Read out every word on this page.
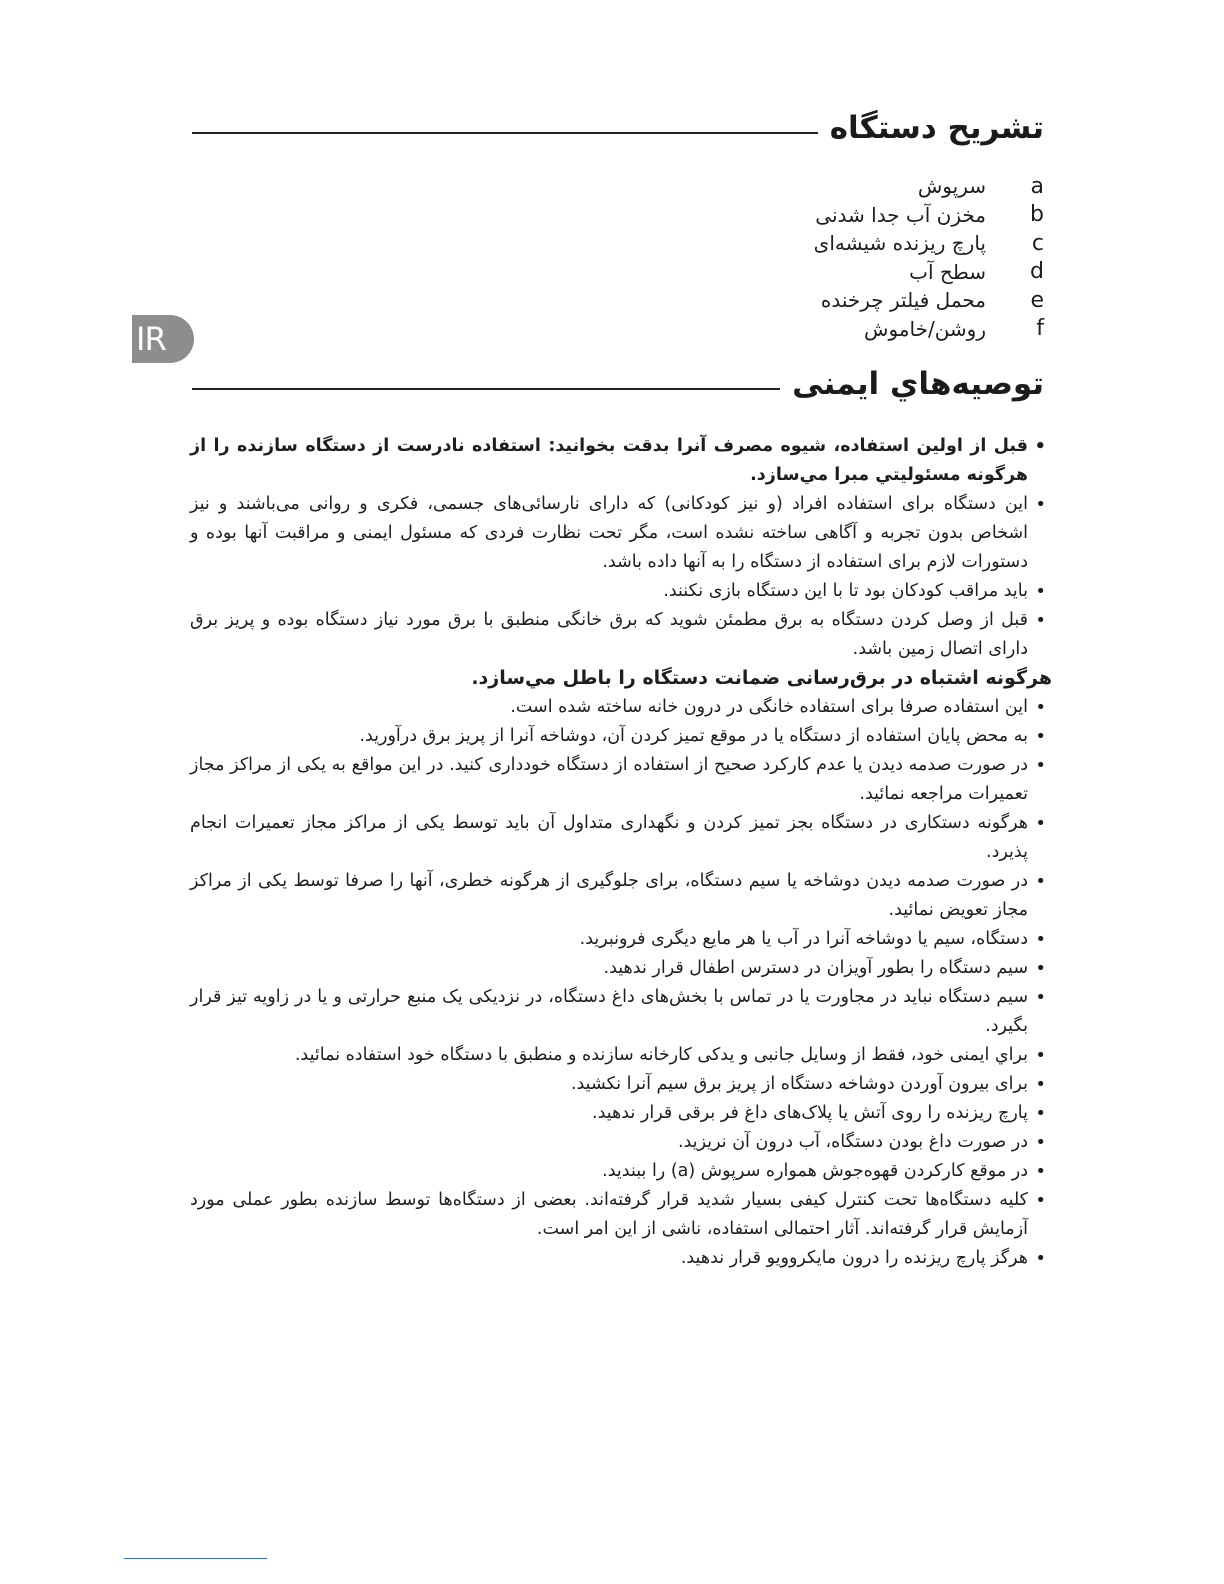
تشریح دستگاه
a
سرپوش
b
مخزن آب جدا شدنی
c
پارچ ریزنده شیشه‌ای
d
سطح آب
e
محمل فیلتر چرخنده
f
روشن/خاموش
IR
توصیه‌هاي ایمنی
• قبل از اولین استفاده، شیوه مصرف آنرا بدقت بخوانید: استفاده نادرست از دستگاه سازنده را از هرگونه مسئولیتي مبرا مي‌سازد.
• این دستگاه برای استفاده افراد (و نیز کودکانی) که دارای نارسائی‌های جسمی، فکری و روانی می‌باشند و نیز اشخاص بدون تجربه و آگاهی ساخته نشده است، مگر تحت نظارت فردی که مسئول ایمنی و مراقبت آنها بوده و دستورات لازم برای استفاده از دستگاه را به آنها داده باشد.
• باید مراقب کودکان بود تا با این دستگاه بازی نکنند.
• قبل از وصل کردن دستگاه به برق مطمئن شوید که برق خانگی منطبق با برق مورد نیاز دستگاه بوده و پریز برق دارای اتصال زمین باشد.
هرگونه اشتباه در برق‌رسانی ضمانت دستگاه را باطل مي‌سازد.
• این استفاده صرفا برای استفاده خانگی در درون خانه ساخته شده است.
• به محض پایان استفاده از دستگاه یا در موقع تمیز کردن آن، دوشاخه آنرا از پریز برق درآورید.
• در صورت صدمه دیدن یا عدم کارکرد صحیح از استفاده از دستگاه خودداری کنید. در این مواقع به یکی از مراکز مجاز تعمیرات مراجعه نمائید.
• هرگونه دستکاری در دستگاه بجز تمیز کردن و نگهداری متداول آن باید توسط یکی از مراکز مجاز تعمیرات انجام پذیرد.
• در صورت صدمه دیدن دوشاخه یا سیم دستگاه، برای جلوگیری از هرگونه خطری، آنها را صرفا توسط یکی از مراکز مجاز تعویض نمائید.
• دستگاه، سیم یا دوشاخه آنرا در آب یا هر مایع دیگری فرونبرید.
• سیم دستگاه را بطور آویزان در دسترس اطفال قرار ندهید.
• سیم دستگاه نباید در مجاورت یا در تماس با بخش‌های داغ دستگاه، در نزدیکی یک منبع حرارتی و یا در زاویه تیز قرار بگیرد.
• براي ایمنی خود، فقط از وسایل جانبی و یدکی کارخانه سازنده و منطبق با دستگاه خود استفاده نمائید.
• برای بیرون آوردن دوشاخه دستگاه از پریز برق سیم آنرا نکشید.
• پارچ ریزنده را روی آتش یا پلاک‌های داغ فر برقی قرار ندهید.
• در صورت داغ بودن دستگاه، آب درون آن نریزید.
• در موقع کارکردن قهوه‌جوش همواره سرپوش (a) را ببندید.
• کلیه دستگاه‌ها تحت کنترل کیفی بسیار شدید قرار گرفته‌اند. بعضی از دستگاه‌ها توسط سازنده بطور عملی مورد آزمایش قرار گرفته‌اند. آثار احتمالی استفاده، ناشی از این امر است.
• هرگز پارچ ریزنده را درون مایکروویو قرار ندهید.
